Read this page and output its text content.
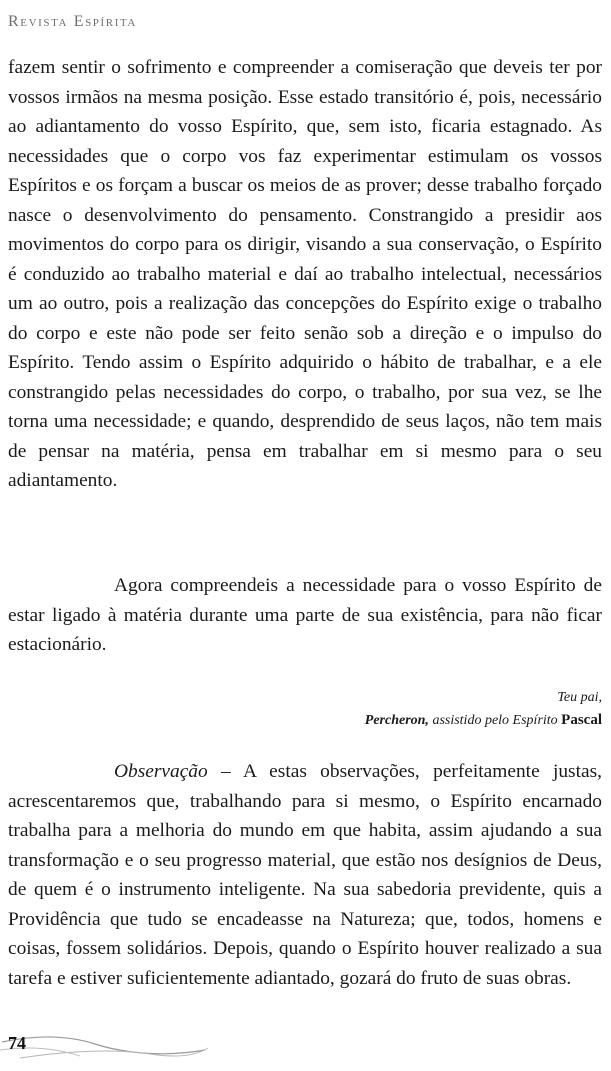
Revista Espírita

fazem sentir o sofrimento e compreender a comiseração que deveis ter por vossos irmãos na mesma posição. Esse estado transitório é, pois, necessário ao adiantamento do vosso Espírito, que, sem isto, ficaria estagnado. As necessidades que o corpo vos faz experimentar estimulam os vossos Espíritos e os forçam a buscar os meios de as prover; desse trabalho forçado nasce o desenvolvimento do pensamento. Constrangido a presidir aos movimentos do corpo para os dirigir, visando a sua conservação, o Espírito é conduzido ao trabalho material e daí ao trabalho intelectual, necessários um ao outro, pois a realização das concepções do Espírito exige o trabalho do corpo e este não pode ser feito senão sob a direção e o impulso do Espírito. Tendo assim o Espírito adquirido o hábito de trabalhar, e a ele constrangido pelas necessidades do corpo, o trabalho, por sua vez, se lhe torna uma necessidade; e quando, desprendido de seus laços, não tem mais de pensar na matéria, pensa em trabalhar em si mesmo para o seu adiantamento.

Agora compreendeis a necessidade para o vosso Espírito de estar ligado à matéria durante uma parte de sua existência, para não ficar estacionário.

Teu pai,
Percheron, assistido pelo Espírito Pascal

Observação – A estas observações, perfeitamente justas, acrescentaremos que, trabalhando para si mesmo, o Espírito encarnado trabalha para a melhoria do mundo em que habita, assim ajudando a sua transformação e o seu progresso material, que estão nos desígnios de Deus, de quem é o instrumento inteligente. Na sua sabedoria previdente, quis a Providência que tudo se encadeasse na Natureza; que, todos, homens e coisas, fossem solidários. Depois, quando o Espírito houver realizado a sua tarefa e estiver suficientemente adiantado, gozará do fruto de suas obras.

74
